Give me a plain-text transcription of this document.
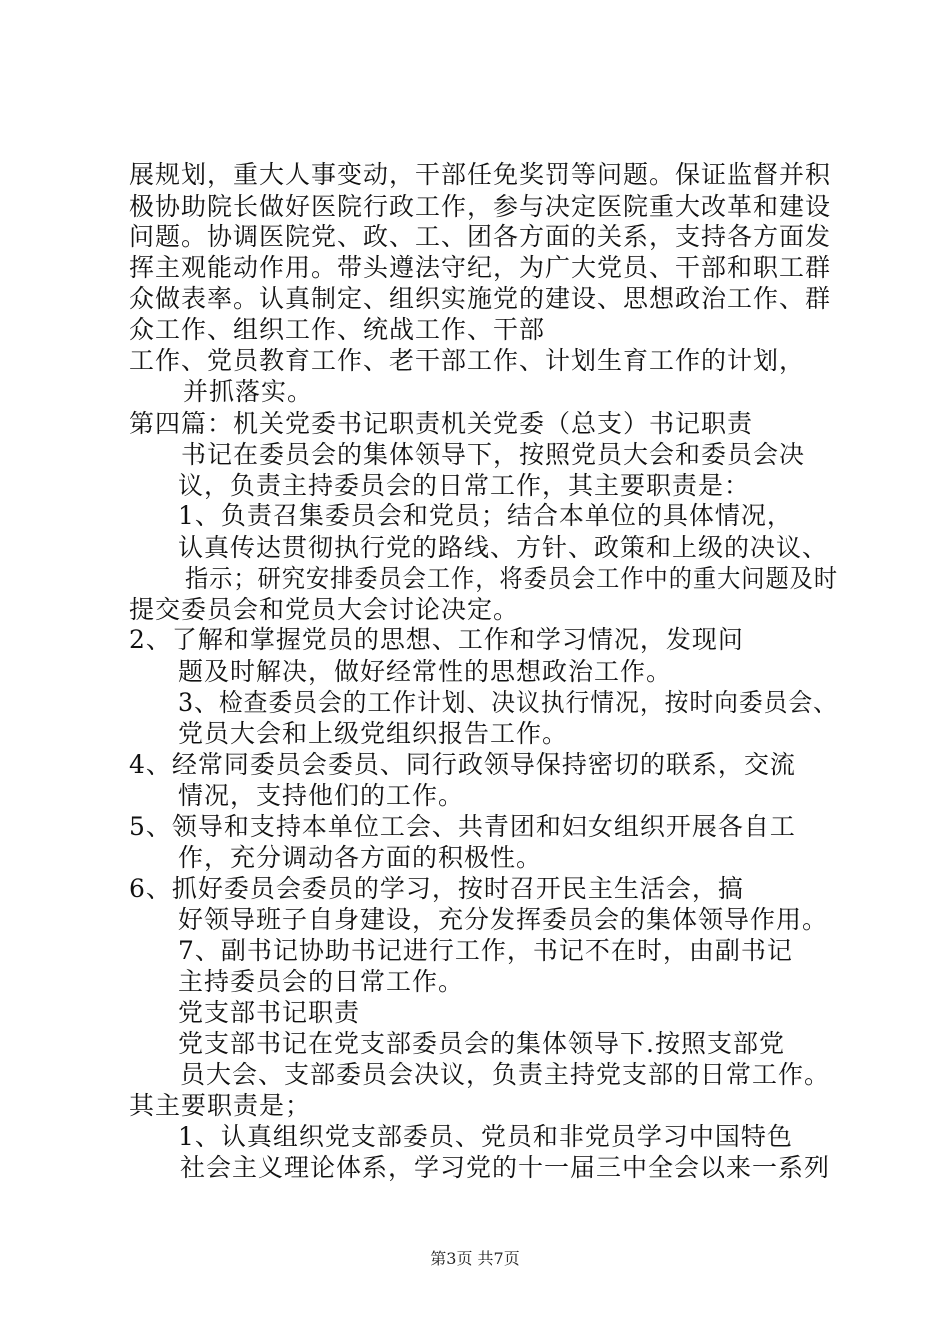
展规划，重大人事变动，干部任免奖罚等问题。保证监督并积
极协助院长做好医院行政工作，参与决定医院重大改革和建设
问题。协调医院党、政、工、团各方面的关系，支持各方面发
挥主观能动作用。带头遵法守纪，为广大党员、干部和职工群
众做表率。认真制定、组织实施党的建设、思想政治工作、群
众工作、组织工作、统战工作、干部
工作、党员教育工作、老干部工作、计划生育工作的计划，
并抓落实。
第四篇：机关党委书记职责机关党委（总支）书记职责
书记在委员会的集体领导下，按照党员大会和委员会决
议，负责主持委员会的日常工作，其主要职责是：
1、负责召集委员会和党员；结合本单位的具体情况，
认真传达贯彻执行党的路线、方针、政策和上级的决议、
指示；研究安排委员会工作，将委员会工作中的重大问题及时
提交委员会和党员大会讨论决定。
2、了解和掌握党员的思想、工作和学习情况，发现问
题及时解决，做好经常性的思想政治工作。
3、检查委员会的工作计划、决议执行情况，按时向委员会、
党员大会和上级党组织报告工作。
4、经常同委员会委员、同行政领导保持密切的联系，交流
情况，支持他们的工作。
5、领导和支持本单位工会、共青团和妇女组织开展各自工
作，充分调动各方面的积极性。
6、抓好委员会委员的学习，按时召开民主生活会，搞
好领导班子自身建设，充分发挥委员会的集体领导作用。
7、副书记协助书记进行工作，书记不在时，由副书记
主持委员会的日常工作。
党支部书记职责
党支部书记在党支部委员会的集体领导下.按照支部党
员大会、支部委员会决议，负责主持党支部的日常工作。
其主要职责是；
1、认真组织党支部委员、党员和非党员学习中国特色
社会主义理论体系，学习党的十一届三中全会以来一系列
第3页 共7页
